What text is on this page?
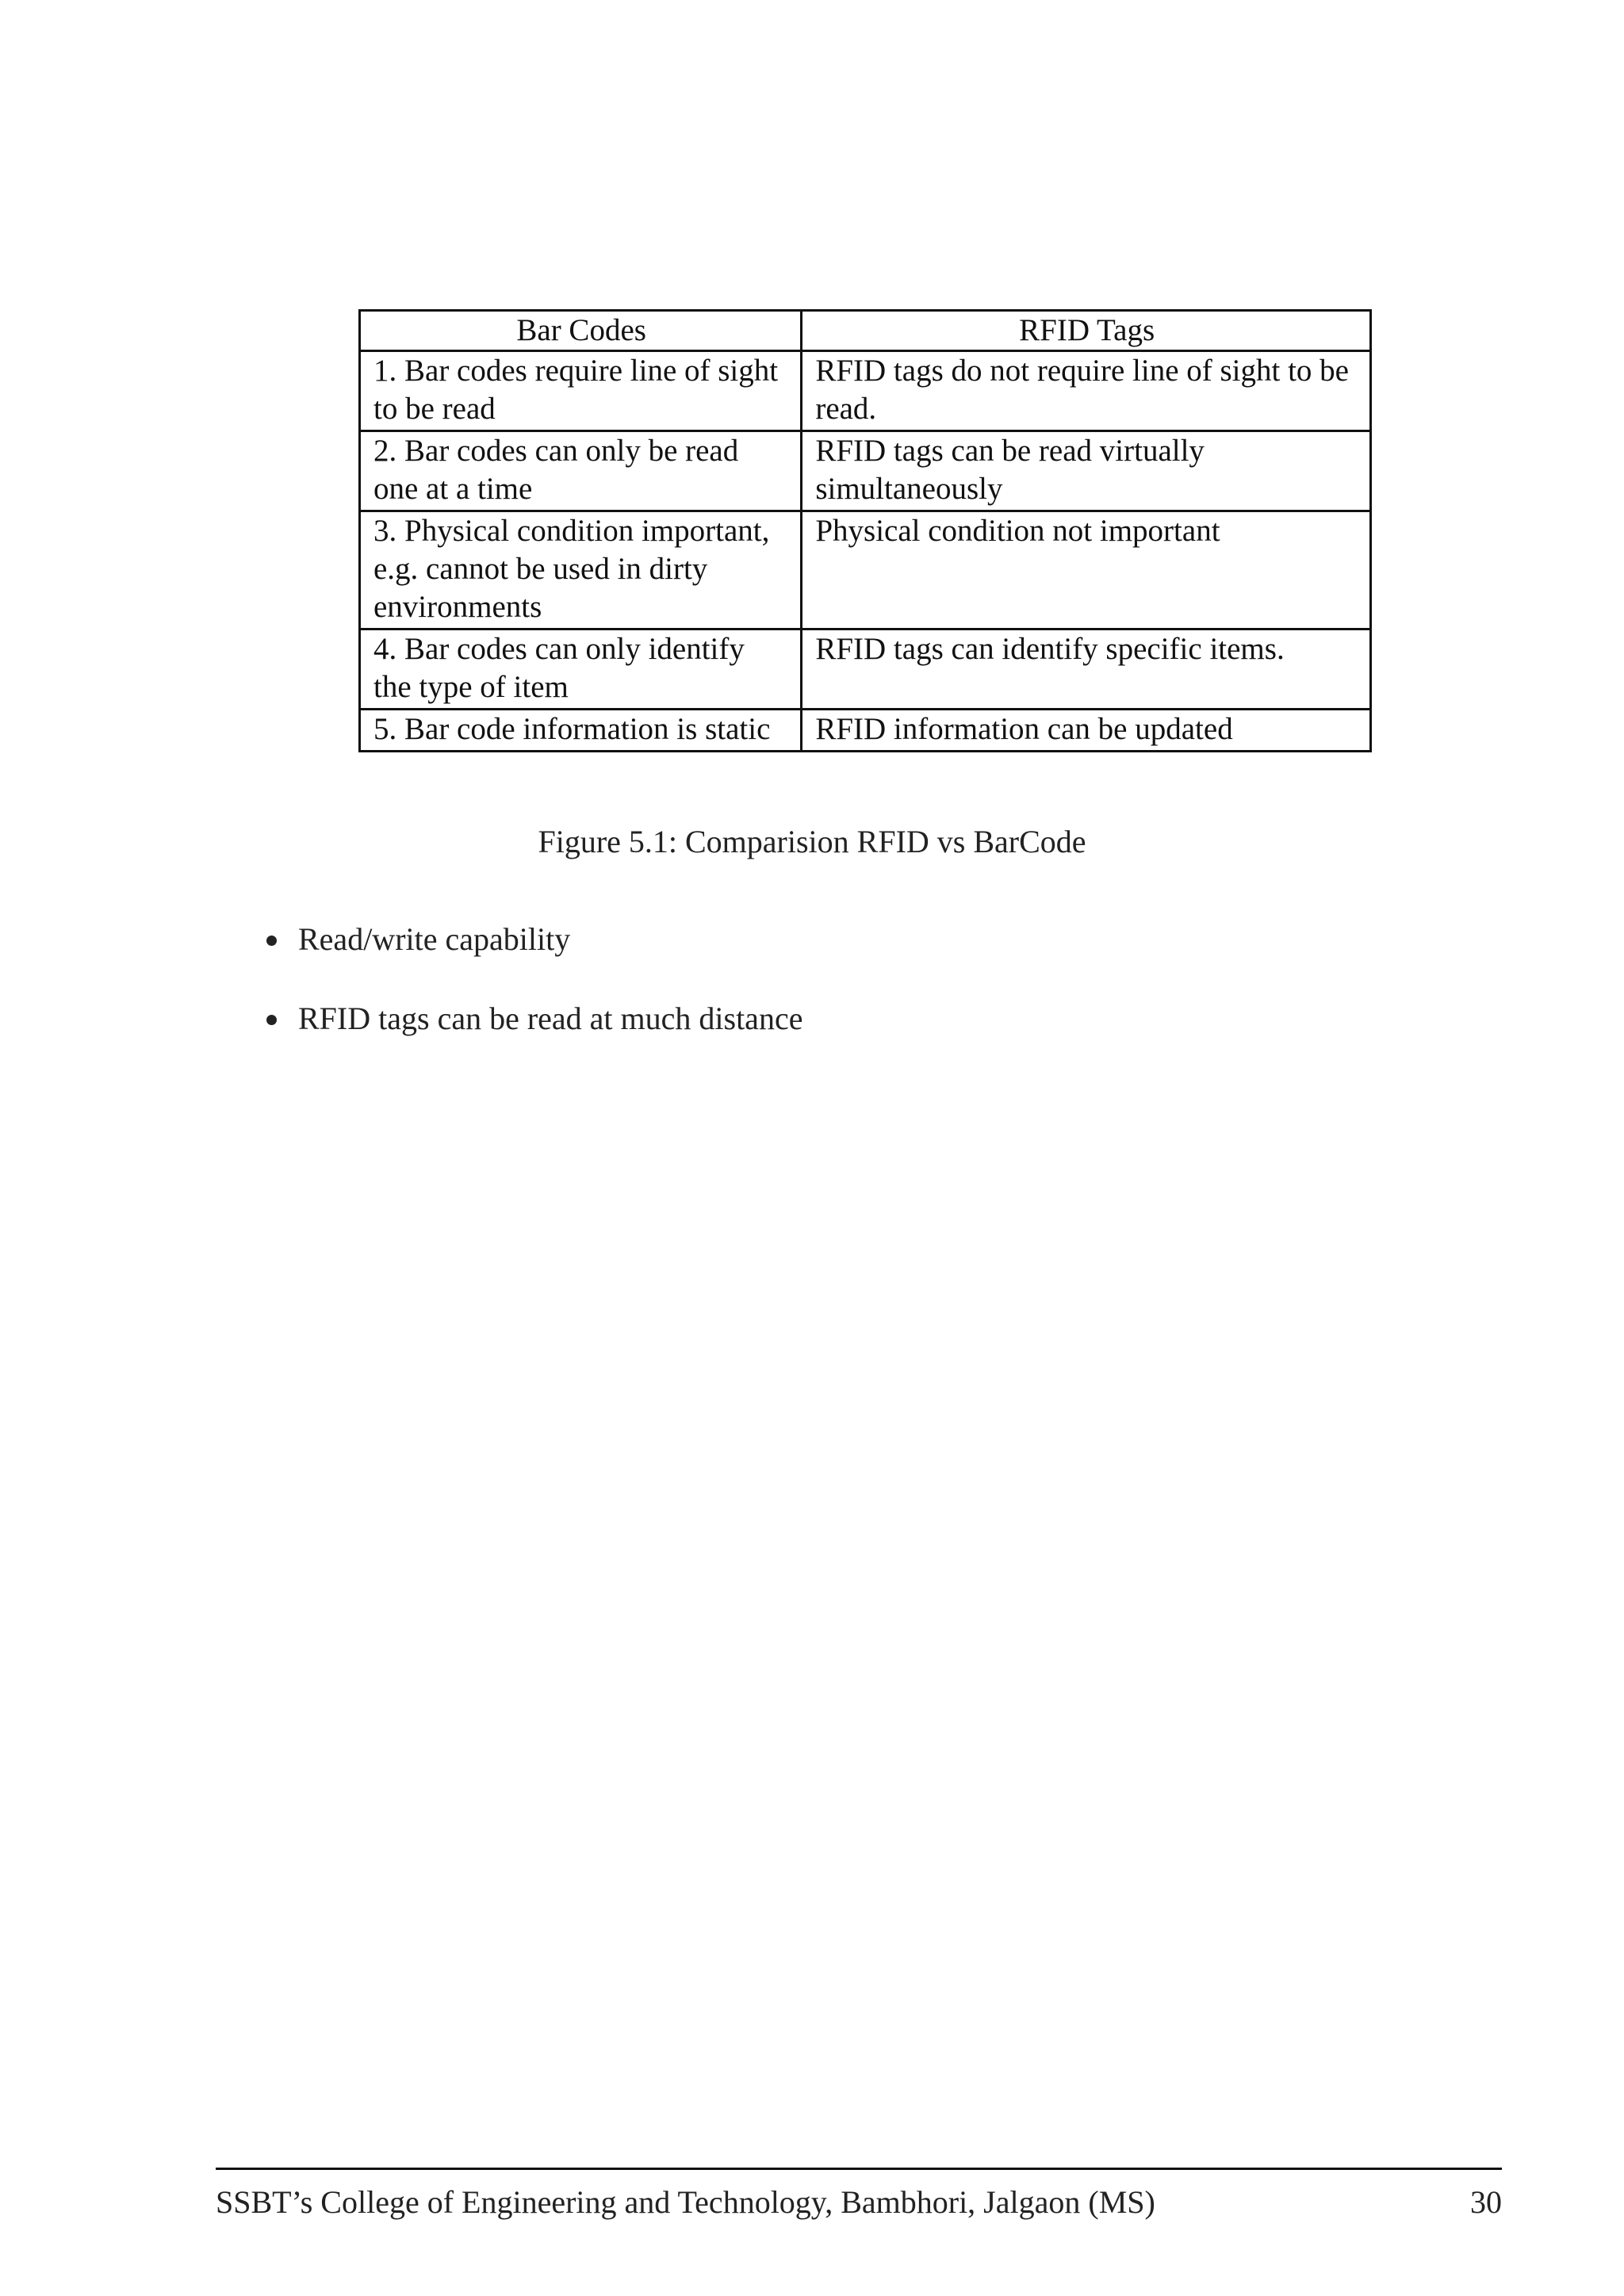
Bar Codes	RFID Tags
1. Bar codes require line of sight to be read	RFID tags do not require line of sight to be read.
2. Bar codes can only be read one at a time	RFID tags can be read virtually simultaneously
3. Physical condition important, e.g. cannot be used in dirty environments	Physical condition not important
4. Bar codes can only identify the type of item	RFID tags can identify specific items.
5. Bar code information is static	RFID information can be updated

Figure 5.1: Comparision RFID vs BarCode

Read/write capability
RFID tags can be read at much distance
SSBT’s College of Engineering and Technology, Bambhori, Jalgaon (MS)	30
